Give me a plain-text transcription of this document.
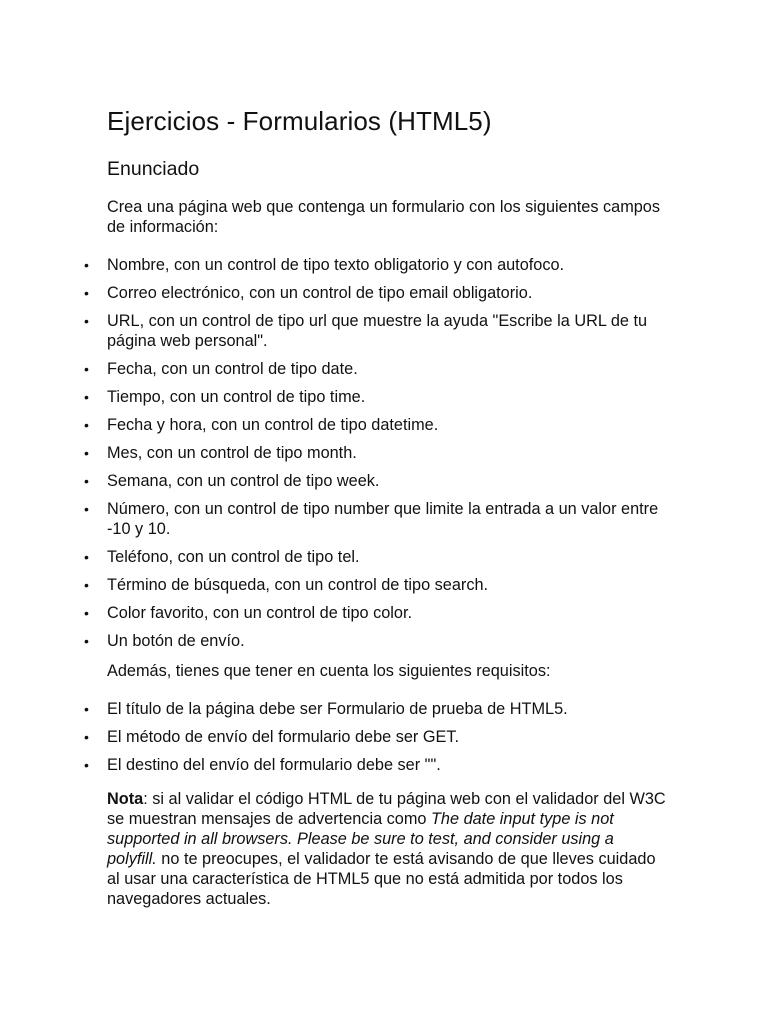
Ejercicios - Formularios (HTML5)
Enunciado

Crea una página web que contenga un formulario con los siguientes campos de información:

• Nombre, con un control de tipo texto obligatorio y con autofoco.
• Correo electrónico, con un control de tipo email obligatorio.
• URL, con un control de tipo url que muestre la ayuda "Escribe la URL de tu página web personal".
• Fecha, con un control de tipo date.
• Tiempo, con un control de tipo time.
• Fecha y hora, con un control de tipo datetime.
• Mes, con un control de tipo month.
• Semana, con un control de tipo week.
• Número, con un control de tipo number que limite la entrada a un valor entre -10 y 10.
• Teléfono, con un control de tipo tel.
• Término de búsqueda, con un control de tipo search.
• Color favorito, con un control de tipo color.
• Un botón de envío.

Además, tienes que tener en cuenta los siguientes requisitos:

• El título de la página debe ser Formulario de prueba de HTML5.
• El método de envío del formulario debe ser GET.
• El destino del envío del formulario debe ser "".

Nota: si al validar el código HTML de tu página web con el validador del W3C se muestran mensajes de advertencia como The date input type is not supported in all browsers. Please be sure to test, and consider using a polyfill. no te preocupes, el validador te está avisando de que lleves cuidado al usar una característica de HTML5 que no está admitida por todos los navegadores actuales.
